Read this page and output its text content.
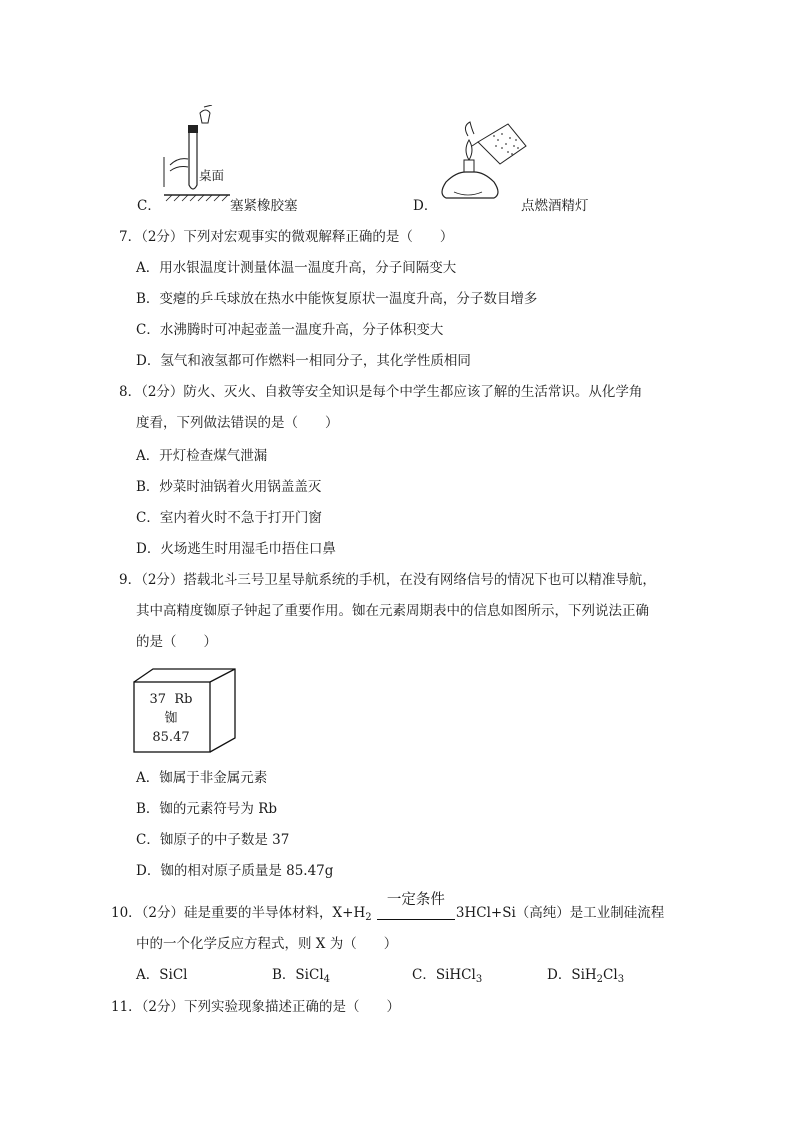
桌面
C．	塞紧橡胶塞	D．	点燃酒精灯
7．（2分）下列对宏观事实的微观解释正确的是（　　）
A．用水银温度计测量体温一温度升高，分子间隔变大
B．变瘪的乒乓球放在热水中能恢复原状一温度升高，分子数目增多
C．水沸腾时可冲起壶盖一温度升高，分子体积变大
D．氢气和液氢都可作燃料一相同分子，其化学性质相同
8．（2分）防火、灭火、自救等安全知识是每个中学生都应该了解的生活常识。从化学角
度看，下列做法错误的是（　　）
A．开灯检查煤气泄漏
B．炒菜时油锅着火用锅盖盖灭
C．室内着火时不急于打开门窗
D．火场逃生时用湿毛巾捂住口鼻
9．（2分）搭载北斗三号卫星导航系统的手机，在没有网络信号的情况下也可以精准导航，
其中高精度铷原子钟起了重要作用。铷在元素周期表中的信息如图所示，下列说法正确
的是（　　）
37 Rb
铷
85.47
A．铷属于非金属元素
B．铷的元素符号为 Rb
C．铷原子的中子数是 37
D．铷的相对原子质量是 85.47g
10．（2分）硅是重要的半导体材料，$X+H_2$
一定条件
3HCl+Si（高纯）是工业制硅流程
中的一个化学反应方程式，则 X 为（　　）
A．SiCl	B．SiCl$_4$	C．SiHCl$_3$	D．$SiH_2Cl_3$
11．（2分）下列实验现象描述正确的是（　　）
